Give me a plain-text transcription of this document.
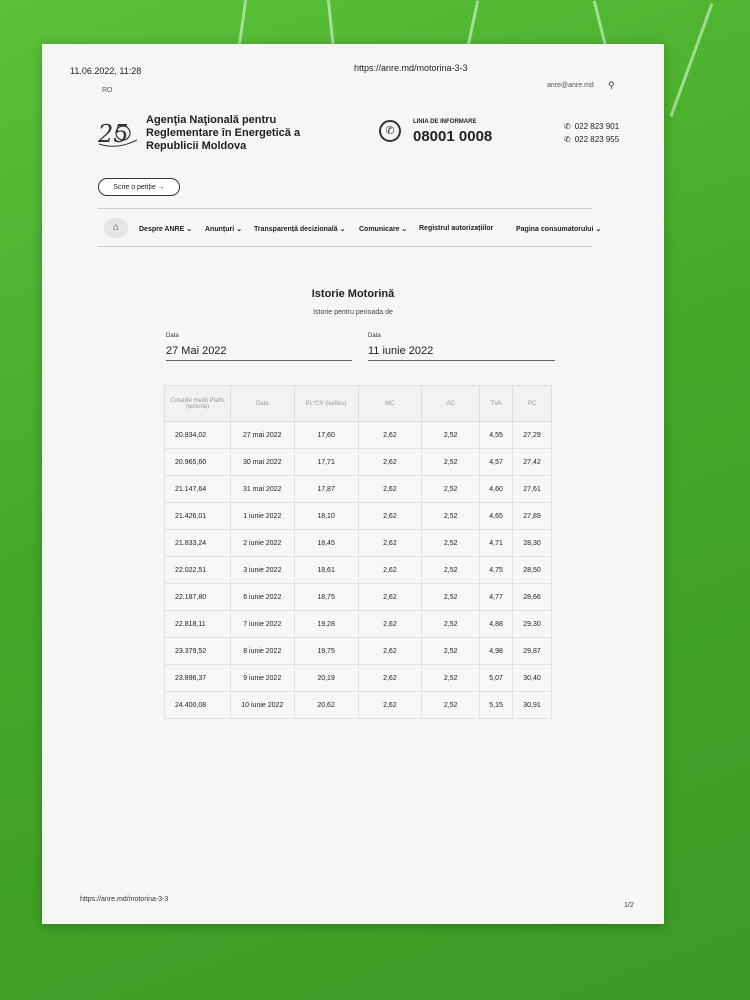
11.06.2022, 11:28	https://anre.md/motorina-3-3
RO
anre@anre.md ⚲
25 Agenţia Naţională pentru
Reglementare în Energetică a
Republicii Moldova
✆
LINIA DE INFORMARE
08001 0008
✆ 022 823 901
✆ 022 823 955
Scrie o petiție →
⌂	Despre ANRE ⌄ Anunțuri ⌄ Transparență decizională ⌄ Comunicare ⌄ Registrul autorizațiilor	Pagina consumatorului ⌄
Istorie Motorină
Istorie pentru perioada de
Data
27 Mai 2022
Data
11 iunie 2022
Cotațiile medii Platts (lei/tona)	Data	PL*CV (lei/litru)	MC	AC	TVA	PC
20.834,02	27 mai 2022	17,60	2,62	2,52	4,55	27,29
20.965,60	30 mai 2022	17,71	2,62	2,52	4,57	27,42
21.147,64	31 mai 2022	17,87	2,62	2,52	4,60	27,61
21.426,01	1 iunie 2022	18,10	2,62	2,52	4,65	27,89
21.833,24	2 iunie 2022	18,45	2,62	2,52	4,71	28,30
22.022,51	3 iunie 2022	18,61	2,62	2,52	4,75	28,50
22.187,80	6 iunie 2022	18,75	2,62	2,52	4,77	28,66
22.818,11	7 iunie 2022	19,28	2,62	2,52	4,88	29,30
23.379,52	8 iunie 2022	19,75	2,62	2,52	4,98	29,87
23.896,37	9 iunie 2022	20,19	2,62	2,52	5,07	30,40
24.400,08	10 iunie 2022	20,62	2,62	2,52	5,15	30,91
https://anre.md/motorina-3-3
1/2
